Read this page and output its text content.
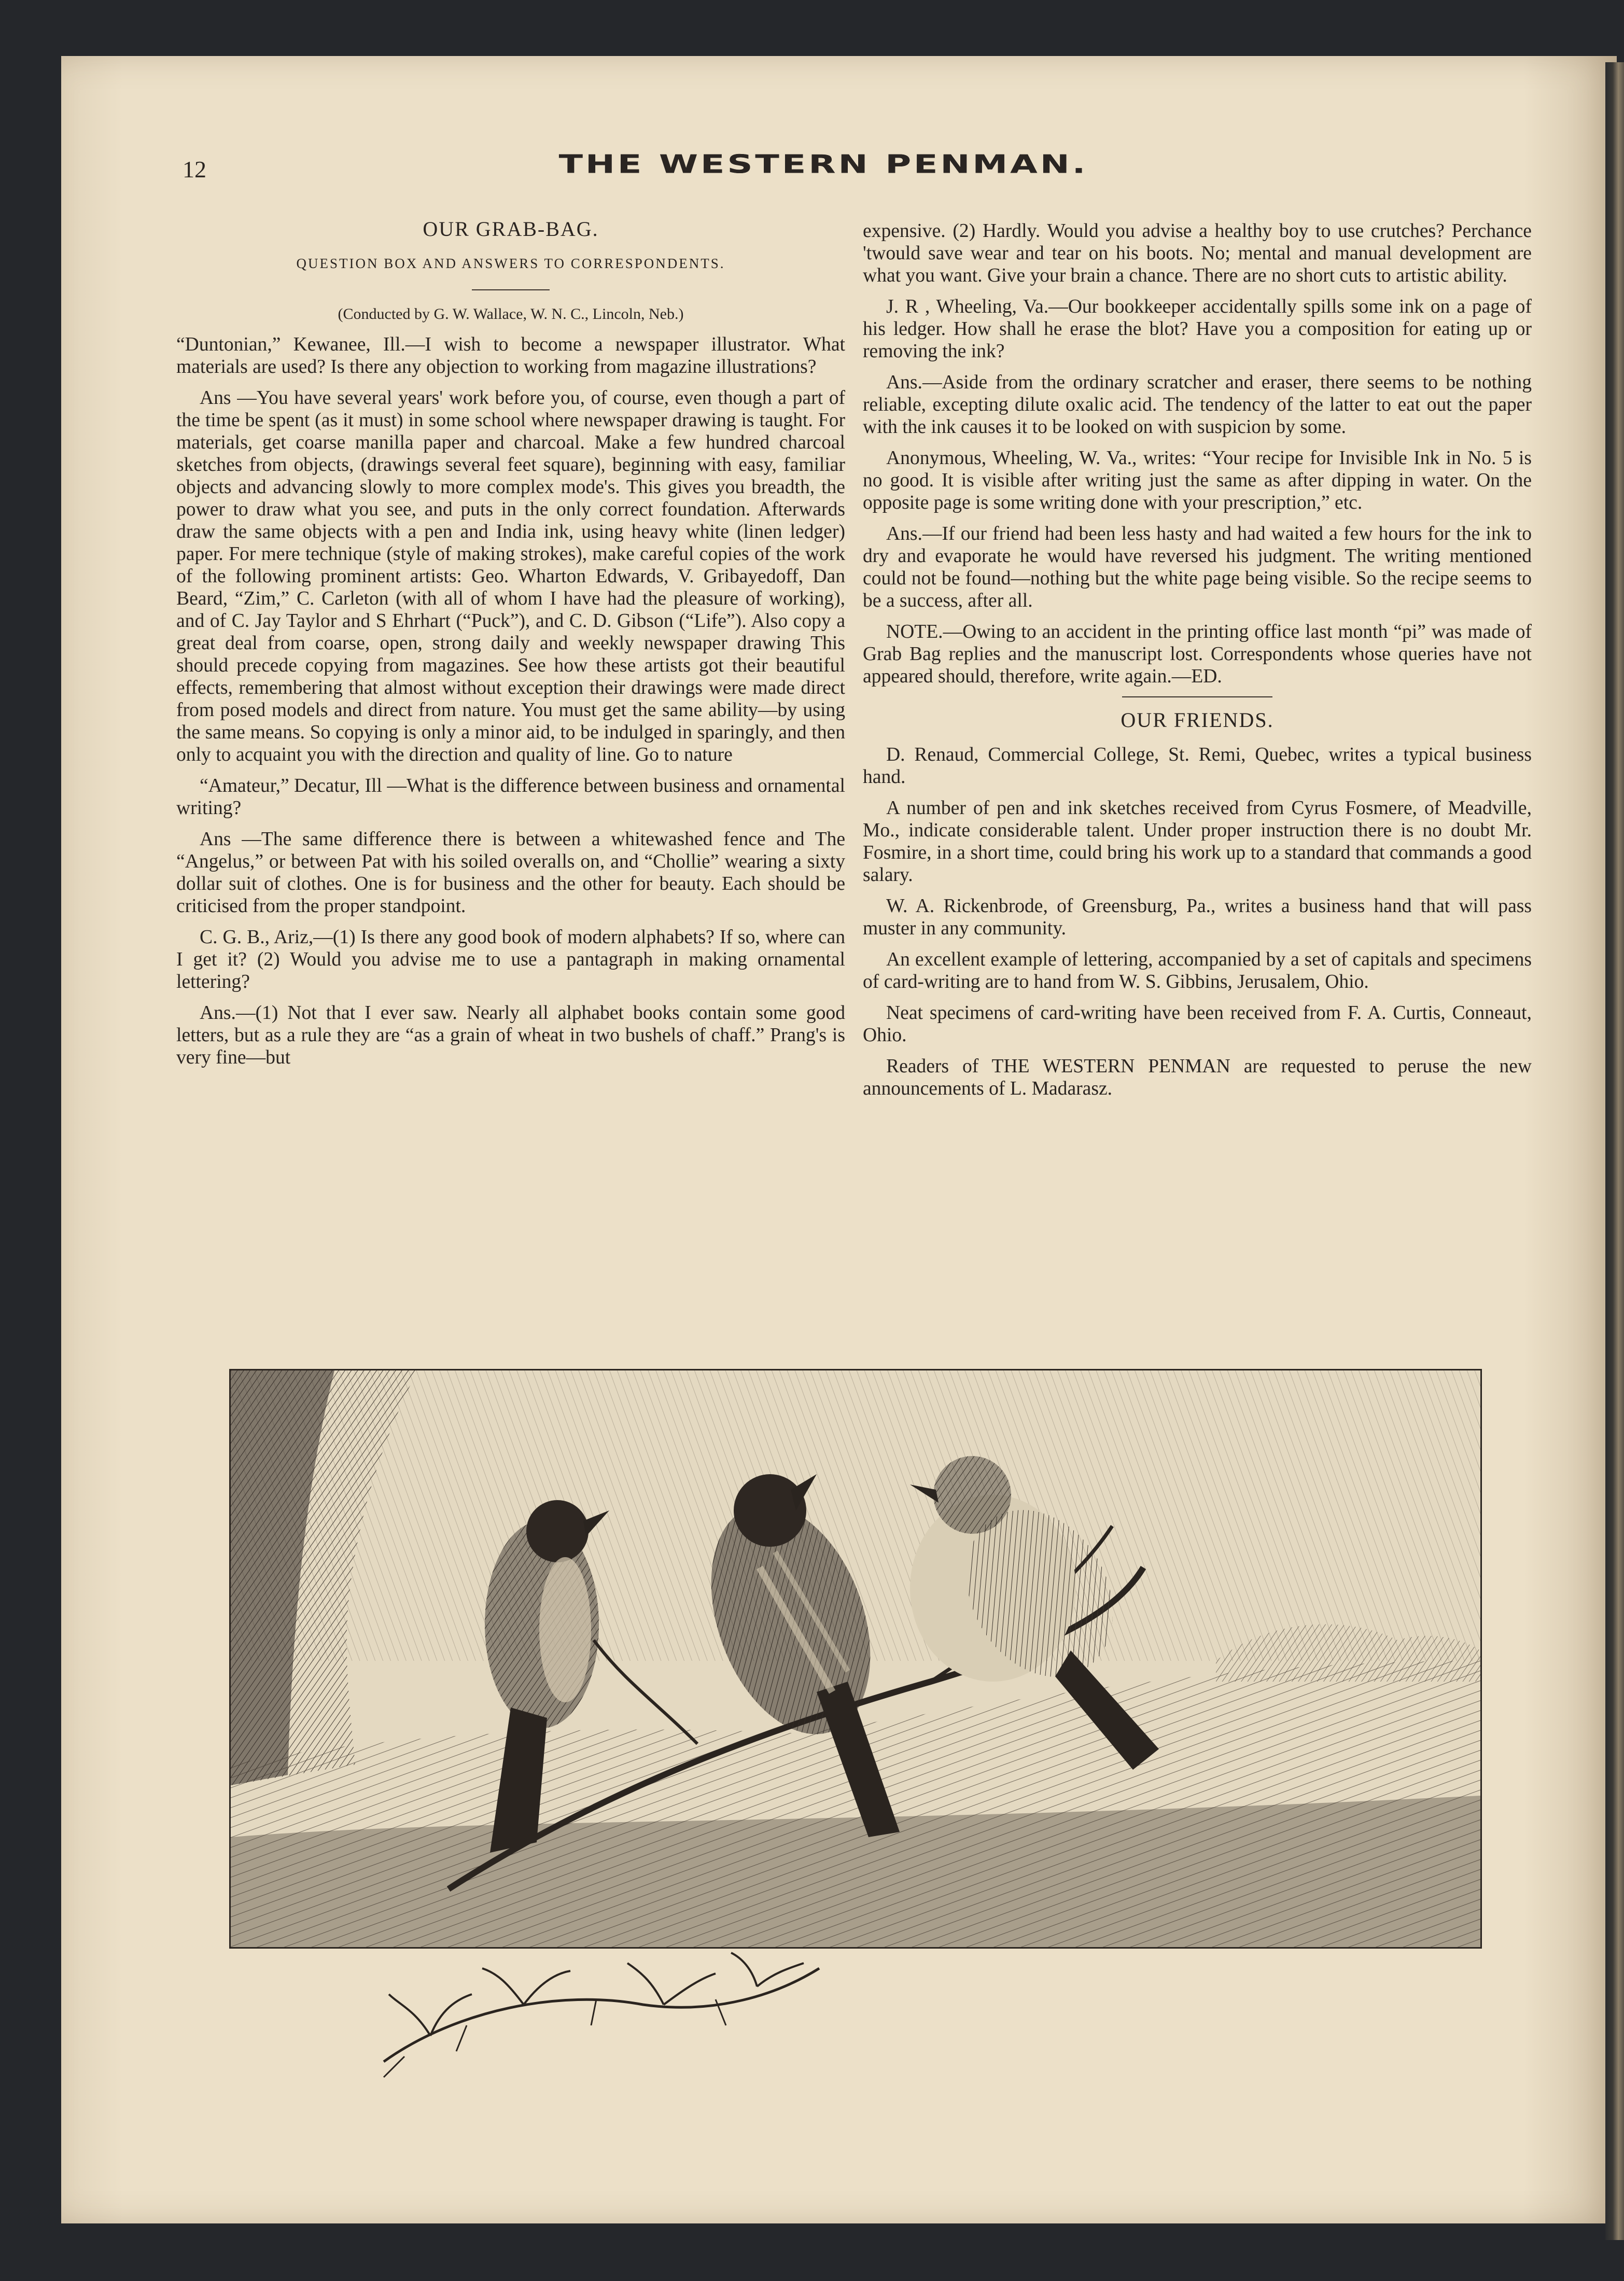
12	THE WESTERN PENMAN.
OUR GRAB-BAG.
QUESTION BOX AND ANSWERS TO CORRESPONDENTS.
(Conducted by G. W. Wallace, W. N. C., Lincoln, Neb.)

“Duntonian,” Kewanee, Ill.—I wish to become a newspaper illustrator. What materials are used? Is there any objection to working from magazine illustrations?

Ans —You have several years' work before you, of course, even though a part of the time be spent (as it must) in some school where newspaper drawing is taught. For materials, get coarse manilla paper and charcoal. Make a few hundred charcoal sketches from objects, (drawings several feet square), beginning with easy, familiar objects and advancing slowly to more complex mode's. This gives you breadth, the power to draw what you see, and puts in the only correct foundation. Afterwards draw the same objects with a pen and India ink, using heavy white (linen ledger) paper. For mere technique (style of making strokes), make careful copies of the work of the following prominent artists: Geo. Wharton Edwards, V. Gribayedoff, Dan Beard, “Zim,” C. Carleton (with all of whom I have had the pleasure of working), and of C. Jay Taylor and S Ehrhart (“Puck”), and C. D. Gibson (“Life”). Also copy a great deal from coarse, open, strong daily and weekly newspaper drawing This should precede copying from magazines. See how these artists got their beautiful effects, remembering that almost without exception their drawings were made direct from posed models and direct from nature. You must get the same ability—by using the same means. So copying is only a minor aid, to be indulged in sparingly, and then only to acquaint you with the direction and quality of line. Go to nature

“Amateur,” Decatur, Ill —What is the difference between business and ornamental writing?

Ans —The same difference there is between a whitewashed fence and The “Angelus,” or between Pat with his soiled overalls on, and “Chollie” wearing a sixty dollar suit of clothes. One is for business and the other for beauty. Each should be criticised from the proper standpoint.

C. G. B., Ariz,—(1) Is there any good book of modern alphabets? If so, where can I get it? (2) Would you advise me to use a pantagraph in making ornamental lettering?

Ans.—(1) Not that I ever saw. Nearly all alphabet books contain some good letters, but as a rule they are “as a grain of wheat in two bushels of chaff.” Prang's is very fine—but

expensive. (2) Hardly. Would you advise a healthy boy to use crutches? Perchance 'twould save wear and tear on his boots. No; mental and manual development are what you want. Give your brain a chance. There are no short cuts to artistic ability.

J. R , Wheeling, Va.—Our bookkeeper accidentally spills some ink on a page of his ledger. How shall he erase the blot? Have you a composition for eating up or removing the ink?

Ans.—Aside from the ordinary scratcher and eraser, there seems to be nothing reliable, excepting dilute oxalic acid. The tendency of the latter to eat out the paper with the ink causes it to be looked on with suspicion by some.

Anonymous, Wheeling, W. Va., writes: “Your recipe for Invisible Ink in No. 5 is no good. It is visible after writing just the same as after dipping in water. On the opposite page is some writing done with your prescription,” etc.

Ans.—If our friend had been less hasty and had waited a few hours for the ink to dry and evaporate he would have reversed his judgment. The writing mentioned could not be found—nothing but the white page being visible. So the recipe seems to be a success, after all.

NOTE.—Owing to an accident in the printing office last month “pi” was made of Grab Bag replies and the manuscript lost. Correspondents whose queries have not appeared should, therefore, write again.—ED.

OUR FRIENDS.

D. Renaud, Commercial College, St. Remi, Quebec, writes a typical business hand.

A number of pen and ink sketches received from Cyrus Fosmere, of Meadville, Mo., indicate considerable talent. Under proper instruction there is no doubt Mr. Fosmire, in a short time, could bring his work up to a standard that commands a good salary.

W. A. Rickenbrode, of Greensburg, Pa., writes a business hand that will pass muster in any community.

An excellent example of lettering, accompanied by a set of capitals and specimens of card-writing are to hand from W. S. Gibbins, Jerusalem, Ohio.

Neat specimens of card-writing have been received from F. A. Curtis, Conneaut, Ohio.

Readers of THE WESTERN PENMAN are requested to peruse the new announcements of L. Madarasz.
